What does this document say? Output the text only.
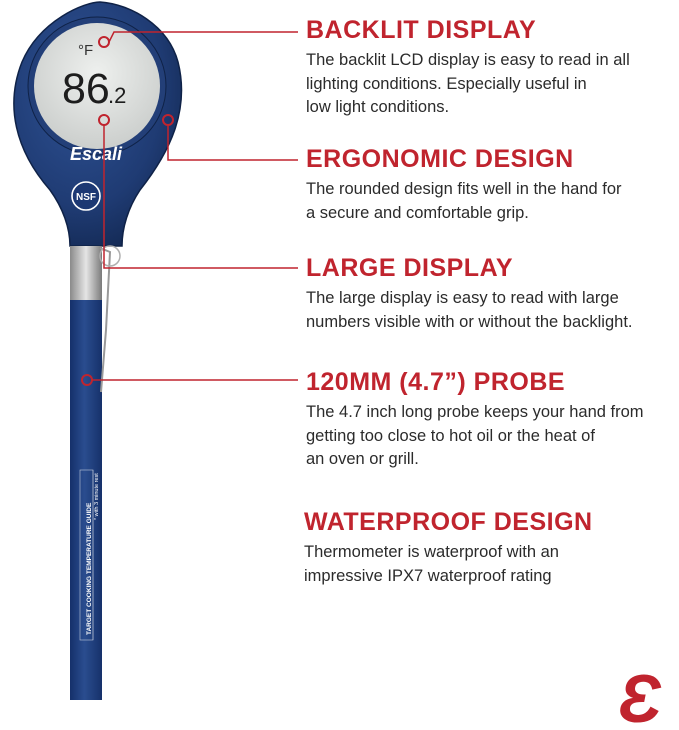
°F
86
.2
Escali
NSF
TARGET COOKING TEMPERATURE GUIDE
* with 3 minute rest
Ɛ
BACKLIT DISPLAY
The backlit LCD display is easy to read in all
lighting conditions. Especially useful in
low light conditions.
ERGONOMIC DESIGN
The rounded design fits well in the hand for
a secure and comfortable grip.
LARGE DISPLAY
The large display is easy to read with large
numbers visible with or without the backlight.
120MM (4.7”) PROBE
The 4.7 inch long probe keeps your hand from
getting too close to hot oil or the heat of
an oven or grill.
WATERPROOF DESIGN
Thermometer is waterproof with an
impressive IPX7 waterproof rating
